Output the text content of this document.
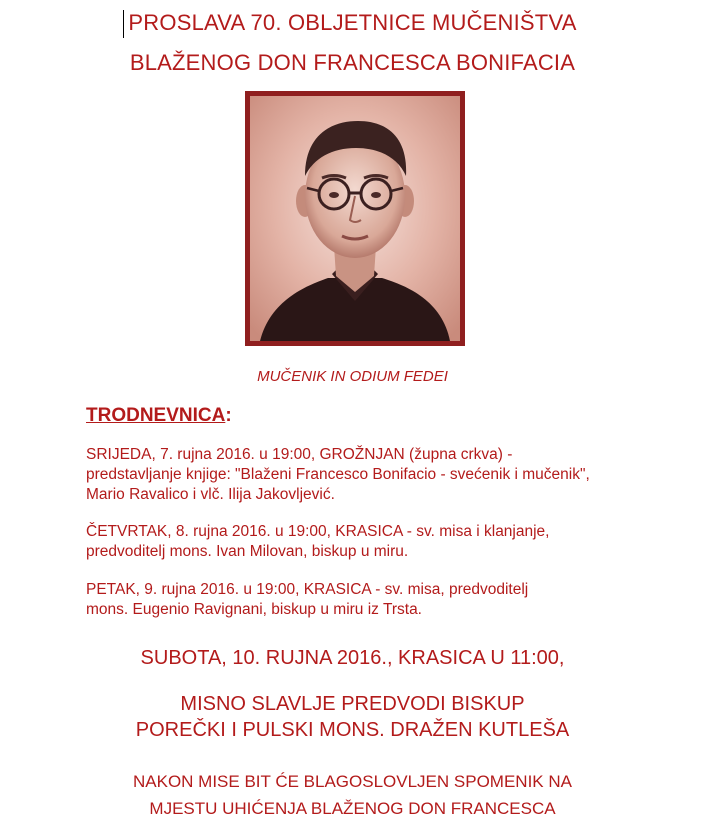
PROSLAVA 70. OBLJETNICE MUČENIŠTVA
BLAŽENOG DON FRANCESCA BONIFACIA
MUČENIK IN ODIUM FEDEI
TRODNEVNICA:
SRIJEDA, 7. rujna 2016. u 19:00, GROŽNJAN (župna crkva) -
predstavljanje knjige: "Blaženi Francesco Bonifacio - svećenik i mučenik",
Mario Ravalico i vlč. Ilija Jakovljević.
ČETVRTAK, 8. rujna 2016. u 19:00, KRASICA - sv. misa i klanjanje,
predvoditelj mons. Ivan Milovan, biskup u miru.
PETAK, 9. rujna 2016. u 19:00, KRASICA - sv. misa, predvoditelj
mons. Eugenio Ravignani, biskup u miru iz Trsta.
SUBOTA, 10. RUJNA 2016., KRASICA U 11:00,
MISNO SLAVLJE PREDVODI BISKUP
POREČKI I PULSKI MONS. DRAŽEN KUTLEŠA
NAKON MISE BIT ĆE BLAGOSLOVLJEN SPOMENIK NA
MJESTU UHIĆENJA BLAŽENOG DON FRANCESCA
